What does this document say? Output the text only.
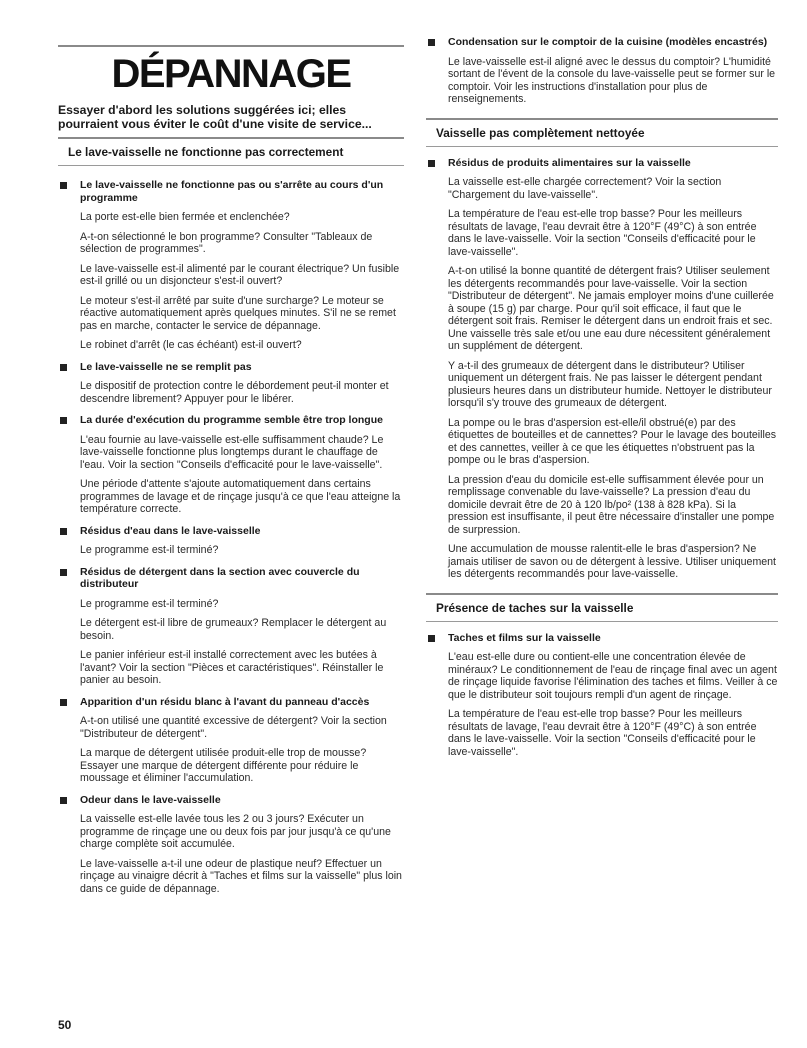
DÉPANNAGE
Essayer d'abord les solutions suggérées ici; elles pourraient vous éviter le coût d'une visite de service...
Le lave-vaisselle ne fonctionne pas correctement
Le lave-vaisselle ne fonctionne pas ou s'arrête au cours d'un programme
La porte est-elle bien fermée et enclenchée?
A-t-on sélectionné le bon programme? Consulter "Tableaux de sélection de programmes".
Le lave-vaisselle est-il alimenté par le courant électrique? Un fusible est-il grillé ou un disjoncteur s'est-il ouvert?
Le moteur s'est-il arrêté par suite d'une surcharge? Le moteur se réactive automatiquement après quelques minutes. S'il ne se remet pas en marche, contacter le service de dépannage.
Le robinet d'arrêt (le cas échéant) est-il ouvert?
Le lave-vaisselle ne se remplit pas
Le dispositif de protection contre le débordement peut-il monter et descendre librement? Appuyer pour le libérer.
La durée d'exécution du programme semble être trop longue
L'eau fournie au lave-vaisselle est-elle suffisamment chaude? Le lave-vaisselle fonctionne plus longtemps durant le chauffage de l'eau. Voir la section "Conseils d'efficacité pour le lave-vaisselle".
Une période d'attente s'ajoute automatiquement dans certains programmes de lavage et de rinçage jusqu'à ce que l'eau atteigne la température correcte.
Résidus d'eau dans le lave-vaisselle
Le programme est-il terminé?
Résidus de détergent dans la section avec couvercle du distributeur
Le programme est-il terminé?
Le détergent est-il libre de grumeaux? Remplacer le détergent au besoin.
Le panier inférieur est-il installé correctement avec les butées à l'avant? Voir la section "Pièces et caractéristiques". Réinstaller le panier au besoin.
Apparition d'un résidu blanc à l'avant du panneau d'accès
A-t-on utilisé une quantité excessive de détergent? Voir la section "Distributeur de détergent".
La marque de détergent utilisée produit-elle trop de mousse? Essayer une marque de détergent différente pour réduire le moussage et éliminer l'accumulation.
Odeur dans le lave-vaisselle
La vaisselle est-elle lavée tous les 2 ou 3 jours? Exécuter un programme de rinçage une ou deux fois par jour jusqu'à ce qu'une charge complète soit accumulée.
Le lave-vaisselle a-t-il une odeur de plastique neuf? Effectuer un rinçage au vinaigre décrit à "Taches et films sur la vaisselle" plus loin dans ce guide de dépannage.
Condensation sur le comptoir de la cuisine (modèles encastrés)
Le lave-vaisselle est-il aligné avec le dessus du comptoir? L'humidité sortant de l'évent de la console du lave-vaisselle peut se former sur le comptoir. Voir les instructions d'installation pour plus de renseignements.
Vaisselle pas complètement nettoyée
Résidus de produits alimentaires sur la vaisselle
La vaisselle est-elle chargée correctement? Voir la section "Chargement du lave-vaisselle".
La température de l'eau est-elle trop basse? Pour les meilleurs résultats de lavage, l'eau devrait être à 120°F (49°C) à son entrée dans le lave-vaisselle. Voir la section "Conseils d'efficacité pour le lave-vaisselle".
A-t-on utilisé la bonne quantité de détergent frais? Utiliser seulement les détergents recommandés pour lave-vaisselle. Voir la section "Distributeur de détergent". Ne jamais employer moins d'une cuillerée à soupe (15 g) par charge. Pour qu'il soit efficace, il faut que le détergent soit frais. Remiser le détergent dans un endroit frais et sec. Une vaisselle très sale et/ou une eau dure nécessitent généralement un supplément de détergent.
Y a-t-il des grumeaux de détergent dans le distributeur? Utiliser uniquement un détergent frais. Ne pas laisser le détergent pendant plusieurs heures dans un distributeur humide. Nettoyer le distributeur lorsqu'il s'y trouve des grumeaux de détergent.
La pompe ou le bras d'aspersion est-elle/il obstrué(e) par des étiquettes de bouteilles et de cannettes? Pour le lavage des bouteilles et des cannettes, veiller à ce que les étiquettes n'obstruent pas la pompe ou le bras d'aspersion.
La pression d'eau du domicile est-elle suffisamment élevée pour un remplissage convenable du lave-vaisselle? La pression d'eau du domicile devrait être de 20 à 120 lb/po² (138 à 828 kPa). Si la pression est insuffisante, il peut être nécessaire d'installer une pompe de surpression.
Une accumulation de mousse ralentit-elle le bras d'aspersion? Ne jamais utiliser de savon ou de détergent à lessive. Utiliser uniquement les détergents recommandés pour lave-vaisselle.
Présence de taches sur la vaisselle
Taches et films sur la vaisselle
L'eau est-elle dure ou contient-elle une concentration élevée de minéraux? Le conditionnement de l'eau de rinçage final avec un agent de rinçage liquide favorise l'élimination des taches et films. Veiller à ce que le distributeur soit toujours rempli d'un agent de rinçage.
La température de l'eau est-elle trop basse? Pour les meilleurs résultats de lavage, l'eau devrait être à 120°F (49°C) à son entrée dans le lave-vaisselle. Voir la section "Conseils d'efficacité pour le lave-vaisselle".
50
